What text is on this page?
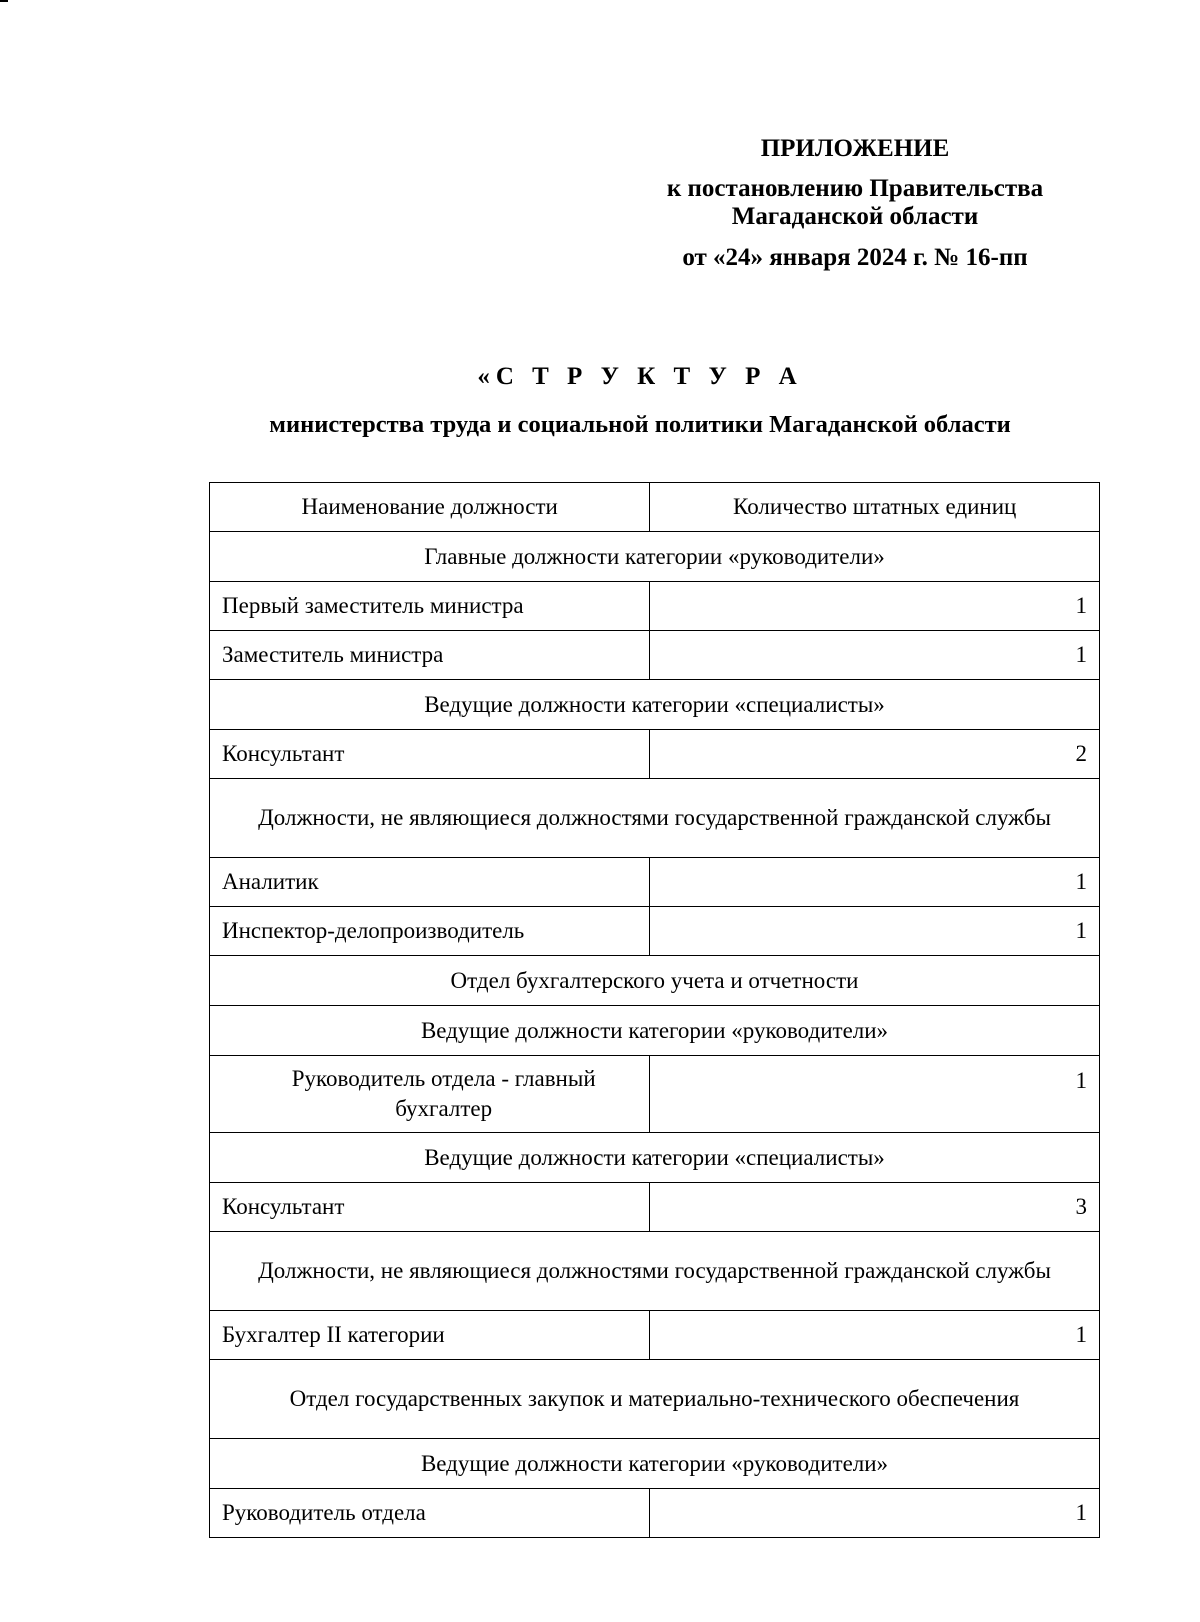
ПРИЛОЖЕНИЕ
к постановлению Правительства
Магаданской области
от «24» января 2024 г. № 16-пп
«С Т Р У К Т У Р А
министерства труда и социальной политики Магаданской области
Наименование должности	Количество штатных единиц
Главные должности категории «руководители»	
Первый заместитель министра	1
Заместитель министра	1
Ведущие должности категории «специалисты»	
Консультант	2
Должности, не являющиеся должностями государственной гражданской службы	
Аналитик	1
Инспектор-делопроизводитель	1
Отдел бухгалтерского учета и отчетности	
Ведущие должности категории «руководители»	
Руководитель отдела - главный бухгалтер	1
Ведущие должности категории «специалисты»	
Консультант	3
Должности, не являющиеся должностями государственной гражданской службы	
Бухгалтер II категории	1
Отдел государственных закупок и материально-технического обеспечения	
Ведущие должности категории «руководители»	
Руководитель отдела	1
